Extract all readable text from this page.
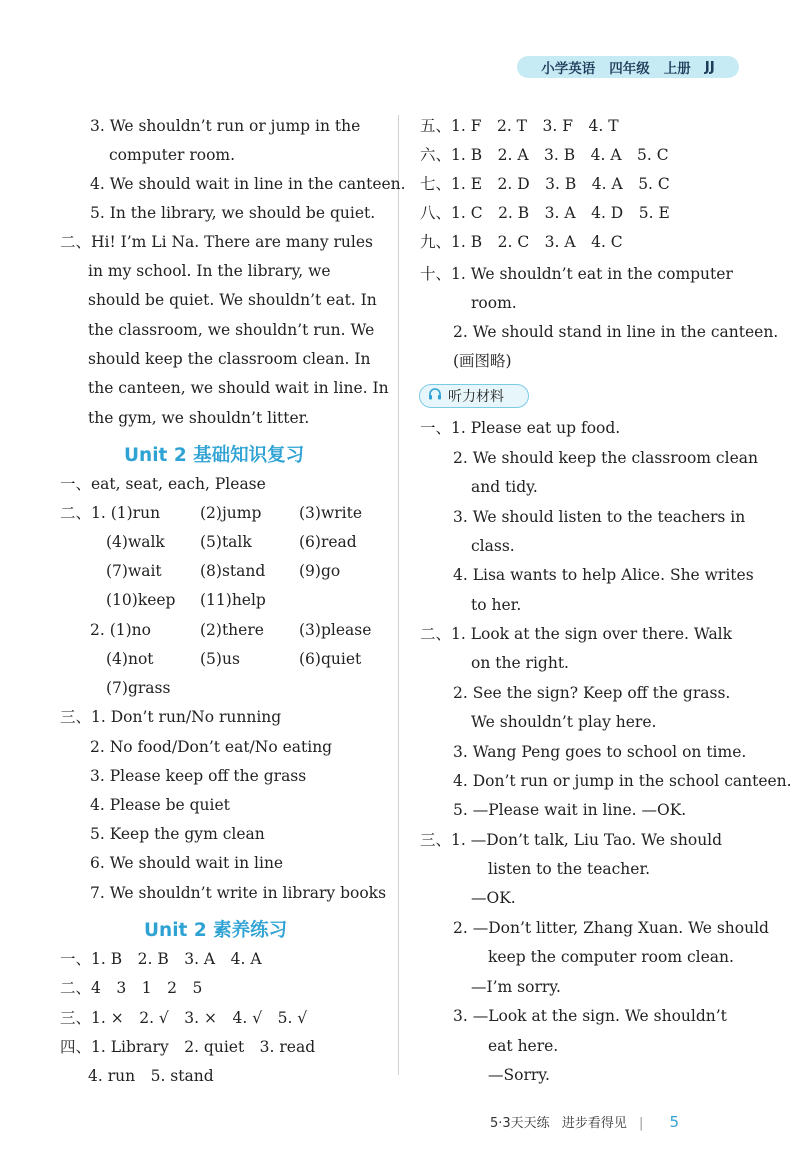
小学英语 四年级 上册 JJ
3. We shouldn’t run or jump in the
computer room.
4. We should wait in line in the canteen.
5. In the library, we should be quiet.
二、Hi! I’m Li Na. There are many rules
in my school. In the library, we
should be quiet. We shouldn’t eat. In
the classroom, we shouldn’t run. We
should keep the classroom clean. In
the canteen, we should wait in line. In
the gym, we shouldn’t litter.
Unit 2 基础知识复习
一、eat, seat, each, Please
二、1. (1)run	(2)jump (3)write
(4)walk (5)talk	(6)read
(7)wait (8)stand (9)go
(10)keep (11)help
2. (1)no	(2)there (3)please
(4)not	(5)us	(6)quiet
(7)grass
三、1. Don’t run/No running
2. No food/Don’t eat/No eating
3. Please keep off the grass
4. Please be quiet
5. Keep the gym clean
6. We should wait in line
7. We shouldn’t write in library books
Unit 2 素养练习
一、1. B　2. B　3. A　4. A
二、4　3　1　2　5
三、1. ×　2. √　3. ×　4. √　5. √
四、1. Library　2. quiet　3. read
4. run　5. stand
五、1. F　2. T　3. F　4. T
六、1. B　2. A　3. B　4. A　5. C
七、1. E　2. D　3. B　4. A　5. C
八、1. C　2. B　3. A　4. D　5. E
九、1. B　2. C　3. A　4. C
十、1. We shouldn’t eat in the computer
room.
2. We should stand in line in the canteen.
(画图略)
听力材料
一、1. Please eat up food.
2. We should keep the classroom clean
and tidy.
3. We should listen to the teachers in
class.
4. Lisa wants to help Alice. She writes
to her.
二、1. Look at the sign over there. Walk
on the right.
2. See the sign? Keep off the grass.
We shouldn’t play here.
3. Wang Peng goes to school on time.
4. Don’t run or jump in the school canteen.
5. —Please wait in line. —OK.
三、1. —Don’t talk, Liu Tao. We should
listen to the teacher.
—OK.
2. —Don’t litter, Zhang Xuan. We should
keep the computer room clean.
—I’m sorry.
3. —Look at the sign. We shouldn’t
eat here.
—Sorry.
5·3天天练 进步看得见 | 5
